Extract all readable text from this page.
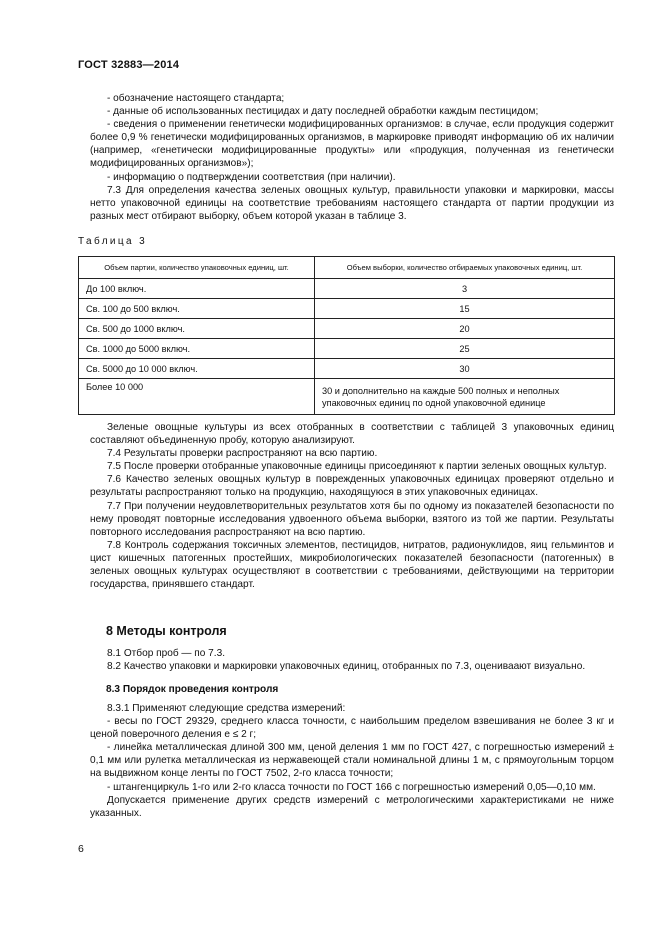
ГОСТ 32883—2014

- обозначение настоящего стандарта;

- данные об использованных пестицидах и дату последней обработки каждым пестицидом;

- сведения о применении генетически модифицированных организмов: в случае, если продукция содержит более 0,9 % генетически модифицированных организмов, в маркировке приводят информацию об их наличии (например, «генетически модифицированные продукты» или «продукция, полученная из генетически модифицированных организмов»);

- информацию о подтверждении соответствия (при наличии).

7.3 Для определения качества зеленых овощных культур, правильности упаковки и маркировки, массы нетто упаковочной единицы на соответствие требованиям настоящего стандарта от партии продукции из разных мест отбирают выборку, объем которой указан в таблице 3.

Таблица 3
Объем партии, количество упаковочных единиц, шт.	Объем выборки, количество отбираемых упаковочных единиц, шт.
До 100 включ.	3
Св. 100 до 500 включ.	15
Св. 500 до 1000 включ.	20
Св. 1000 до 5000 включ.	25
Св. 5000 до 10 000 включ.	30
Более 10 000	30 и дополнительно на каждые 500 полных и неполных упаковочных единиц по одной упаковочной единице

Зеленые овощные культуры из всех отобранных в соответствии с таблицей 3 упаковочных единиц составляют объединенную пробу, которую анализируют.

7.4 Результаты проверки распространяют на всю партию.

7.5 После проверки отобранные упаковочные единицы присоединяют к партии зеленых овощных культур.

7.6 Качество зеленых овощных культур в поврежденных упаковочных единицах проверяют отдельно и результаты распространяют только на продукцию, находящуюся в этих упаковочных единицах.

7.7 При получении неудовлетворительных результатов хотя бы по одному из показателей безопасности по нему проводят повторные исследования удвоенного объема выборки, взятого из той же партии. Результаты повторного исследования распространяют на всю партию.

7.8 Контроль содержания токсичных элементов, пестицидов, нитратов, радионуклидов, яиц гельминтов и цист кишечных патогенных простейших, микробиологических показателей безопасности (патогенных) в зеленых овощных культурах осуществляют в соответствии с требованиями, действующими на территории государства, принявшего стандарт.

8 Методы контроля

8.1 Отбор проб — по 7.3.

8.2 Качество упаковки и маркировки упаковочных единиц, отобранных по 7.3, оцениваают визуально.

8.3 Порядок проведения контроля

8.3.1 Применяют следующие средства измерений:

- весы по ГОСТ 29329, среднего класса точности, с наибольшим пределом взвешивания не более 3 кг и ценой поверочного деления e ≤ 2 г;

- линейка металлическая длиной 300 мм, ценой деления 1 мм по ГОСТ 427, с погрешностью измерений ± 0,1 мм или рулетка металлическая из нержавеющей стали номинальной длины 1 м, с прямоугольным торцом на выдвижном конце ленты по ГОСТ 7502, 2-го класса точности;

- штангенциркуль 1-го или 2-го класса точности по ГОСТ 166 с погрешностью измерений 0,05—0,10 мм.

Допускается применение других средств измерений с метрологическими характеристиками не ниже указанных.

6
